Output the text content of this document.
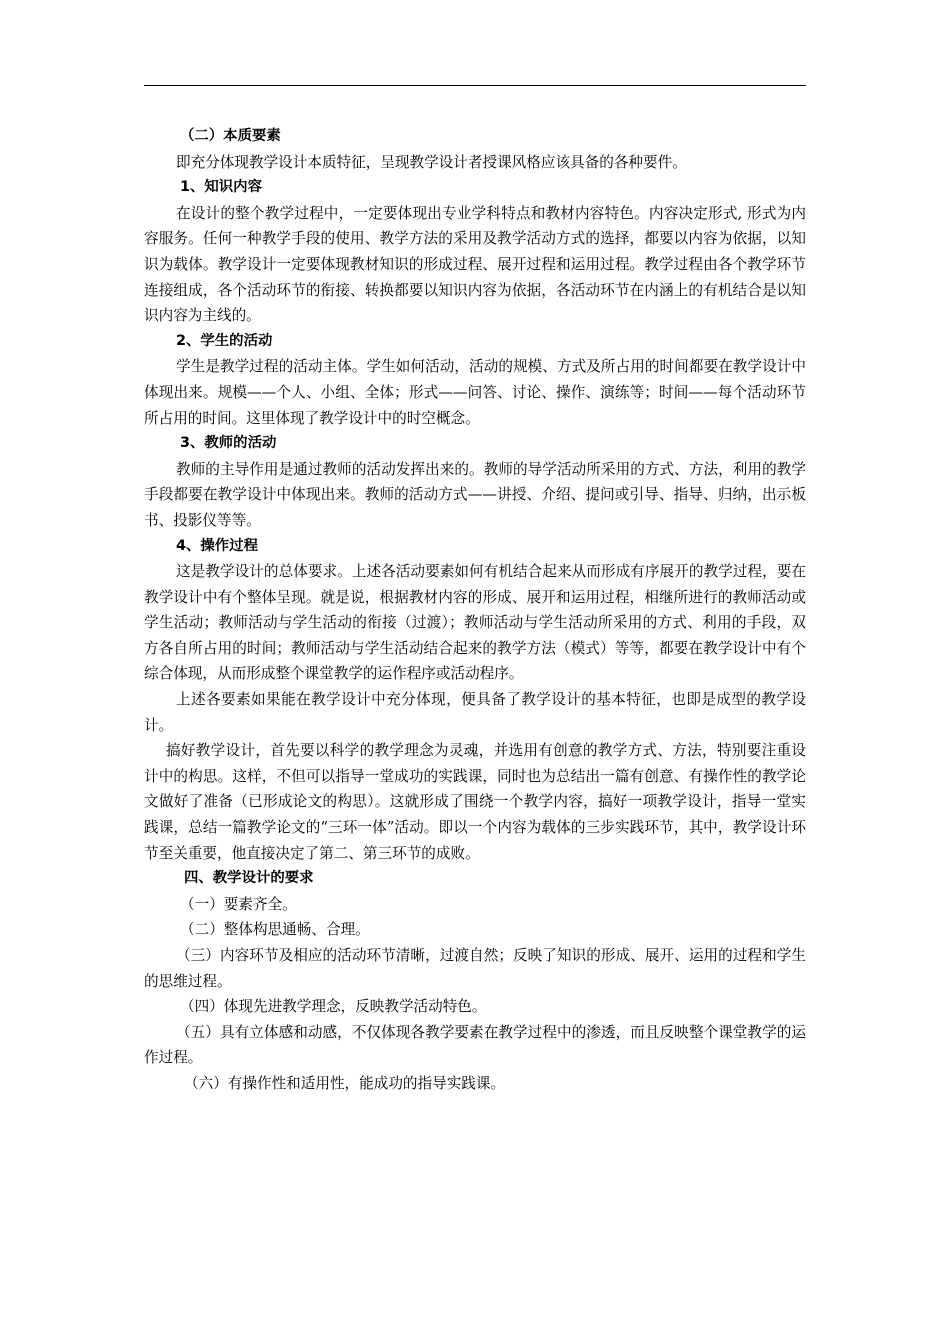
（二）本质要素

即充分体现教学设计本质特征，呈现教学设计者授课风格应该具备的各种要件。

1、知识内容

在设计的整个教学过程中，一定要体现出专业学科特点和教材内容特色。内容决定形式, 形式为内容服务。任何一种教学手段的使用、教学方法的采用及教学活动方式的选择，都要以内容为依据，以知识为载体。教学设计一定要体现教材知识的形成过程、展开过程和运用过程。教学过程由各个教学环节连接组成，各个活动环节的衔接、转换都要以知识内容为依据，各活动环节在内涵上的有机结合是以知识内容为主线的。

2、学生的活动

学生是教学过程的活动主体。学生如何活动，活动的规模、方式及所占用的时间都要在教学设计中体现出来。规模——个人、小组、全体；形式——问答、讨论、操作、演练等；时间——每个活动环节所占用的时间。这里体现了教学设计中的时空概念。

3、教师的活动

教师的主导作用是通过教师的活动发挥出来的。教师的导学活动所采用的方式、方法，利用的教学手段都要在教学设计中体现出来。教师的活动方式——讲授、介绍、提问或引导、指导、归纳，出示板书、投影仪等等。

4、操作过程

这是教学设计的总体要求。上述各活动要素如何有机结合起来从而形成有序展开的教学过程，要在教学设计中有个整体呈现。就是说，根据教材内容的形成、展开和运用过程，相继所进行的教师活动或学生活动；教师活动与学生活动的衔接（过渡）；教师活动与学生活动所采用的方式、利用的手段，双方各自所占用的时间；教师活动与学生活动结合起来的教学方法（模式）等等，都要在教学设计中有个综合体现，从而形成整个课堂教学的运作程序或活动程序。

上述各要素如果能在教学设计中充分体现，便具备了教学设计的基本特征，也即是成型的教学设计。

搞好教学设计，首先要以科学的教学理念为灵魂，并选用有创意的教学方式、方法，特别要注重设计中的构思。这样，不但可以指导一堂成功的实践课，同时也为总结出一篇有创意、有操作性的教学论文做好了准备（已形成论文的构思）。这就形成了围绕一个教学内容，搞好一项教学设计，指导一堂实践课，总结一篇教学论文的“三环一体”活动。即以一个内容为载体的三步实践环节，其中，教学设计环节至关重要，他直接决定了第二、第三环节的成败。

四、教学设计的要求

（一）要素齐全。

（二）整体构思通畅、合理。

（三）内容环节及相应的活动环节清晰，过渡自然；反映了知识的形成、展开、运用的过程和学生的思维过程。

（四）体现先进教学理念，反映教学活动特色。

（五）具有立体感和动感，不仅体现各教学要素在教学过程中的渗透，而且反映整个课堂教学的运作过程。

（六）有操作性和适用性，能成功的指导实践课。
